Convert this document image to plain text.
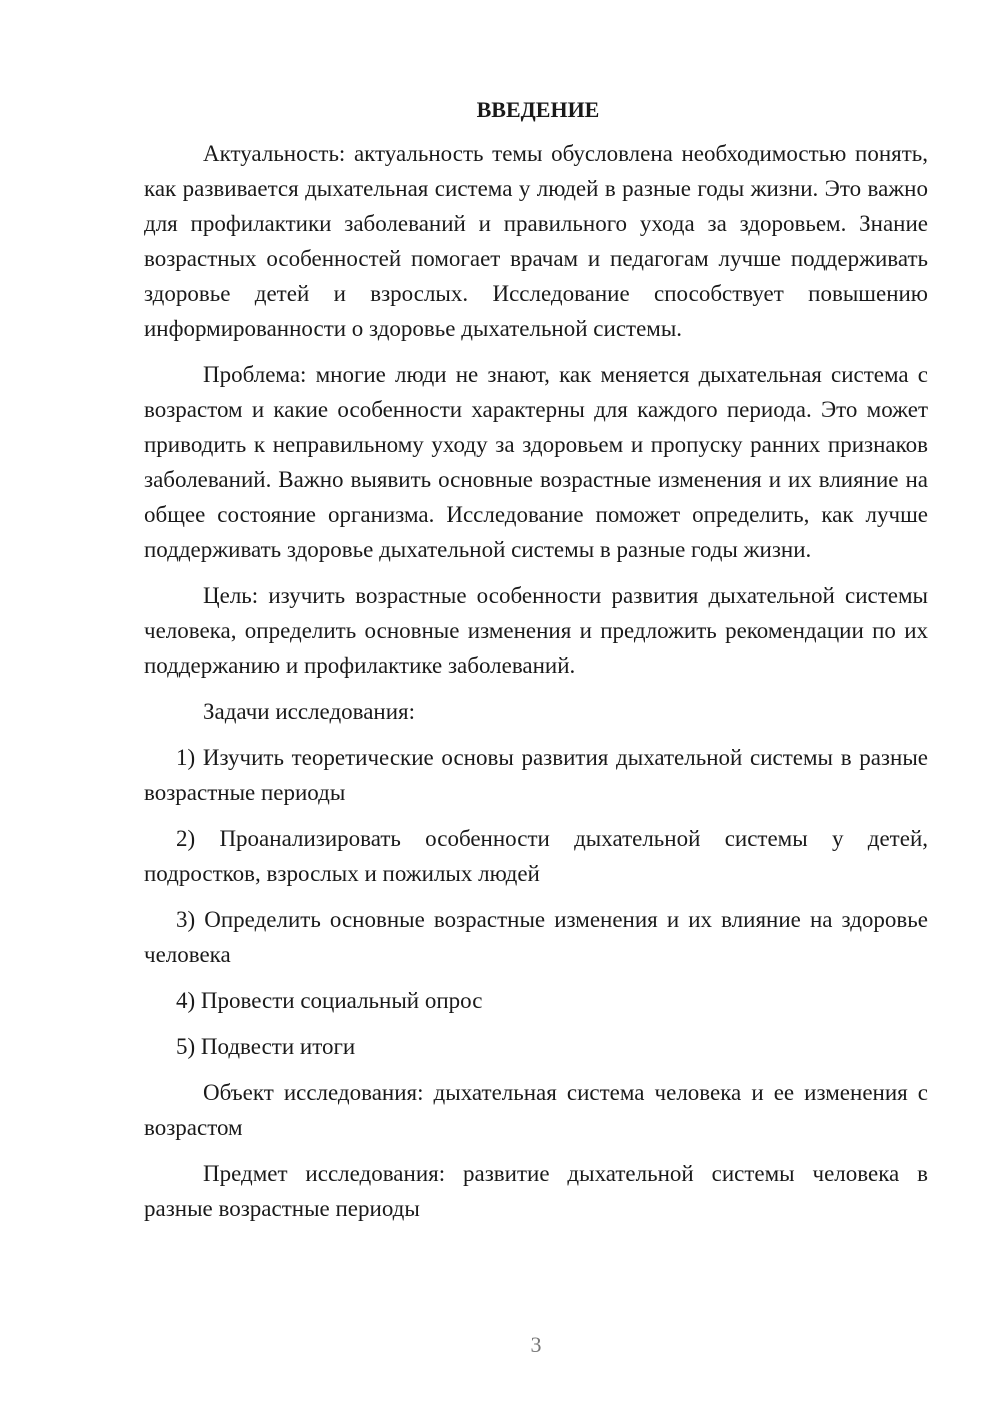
ВВЕДЕНИЕ

Актуальность: актуальность темы обусловлена необходимостью понять, как развивается дыхательная система у людей в разные годы жизни. Это важно для профилактики заболеваний и правильного ухода за здоровьем. Знание возрастных особенностей помогает врачам и педагогам лучше поддерживать здоровье детей и взрослых. Исследование способствует повышению информированности о здоровье дыхательной системы.

Проблема: многие люди не знают, как меняется дыхательная система с возрастом и какие особенности характерны для каждого периода. Это может приводить к неправильному уходу за здоровьем и пропуску ранних признаков заболеваний. Важно выявить основные возрастные изменения и их влияние на общее состояние организма. Исследование поможет определить, как лучше поддерживать здоровье дыхательной системы в разные годы жизни.

Цель: изучить возрастные особенности развития дыхательной системы человека, определить основные изменения и предложить рекомендации по их поддержанию и профилактике заболеваний.

Задачи исследования:

1) Изучить теоретические основы развития дыхательной системы в разные возрастные периоды

2) Проанализировать особенности дыхательной системы у детей, подростков, взрослых и пожилых людей

3) Определить основные возрастные изменения и их влияние на здоровье человека

4) Провести социальный опрос

5) Подвести итоги

Объект исследования: дыхательная система человека и ее изменения с возрастом

Предмет исследования: развитие дыхательной системы человека в разные возрастные периоды

3
